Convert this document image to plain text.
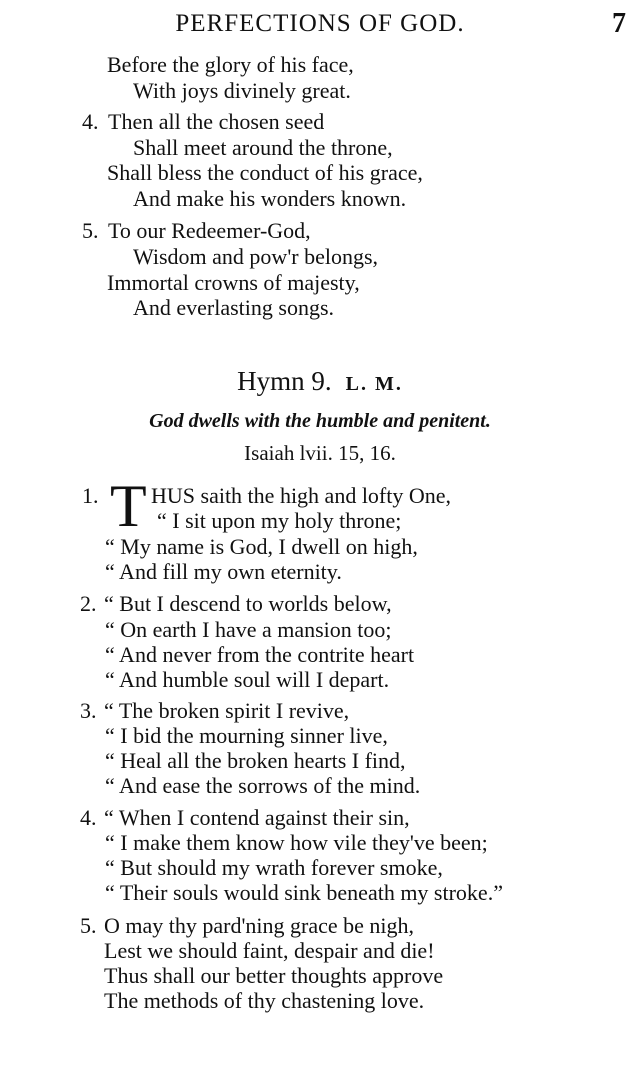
PERFECTIONS OF GOD.	7
Before the glory of his face,
With joys divinely great.
4. Then all the chosen seed
Shall meet around the throne,
Shall bless the conduct of his grace,
And make his wonders known.
5. To our Redeemer-God,
Wisdom and pow'r belongs,
Immortal crowns of majesty,
And everlasting songs.
Hymn 9. L. M.
God dwells with the humble and penitent.
Isaiah lvii. 15, 16.
1. T HUS saith the high and lofty One,
“ I sit upon my holy throne;
“ My name is God, I dwell on high,
“ And fill my own eternity.
2. “ But I descend to worlds below,
“ On earth I have a mansion too;
“ And never from the contrite heart
“ And humble soul will I depart.
3. “ The broken spirit I revive,
“ I bid the mourning sinner live,
“ Heal all the broken hearts I find,
“ And ease the sorrows of the mind.
4. “ When I contend against their sin,
“ I make them know how vile they've been;
“ But should my wrath forever smoke,
“ Their souls would sink beneath my stroke.”
5. O may thy pard'ning grace be nigh,
Lest we should faint, despair and die!
Thus shall our better thoughts approve
The methods of thy chastening love.
